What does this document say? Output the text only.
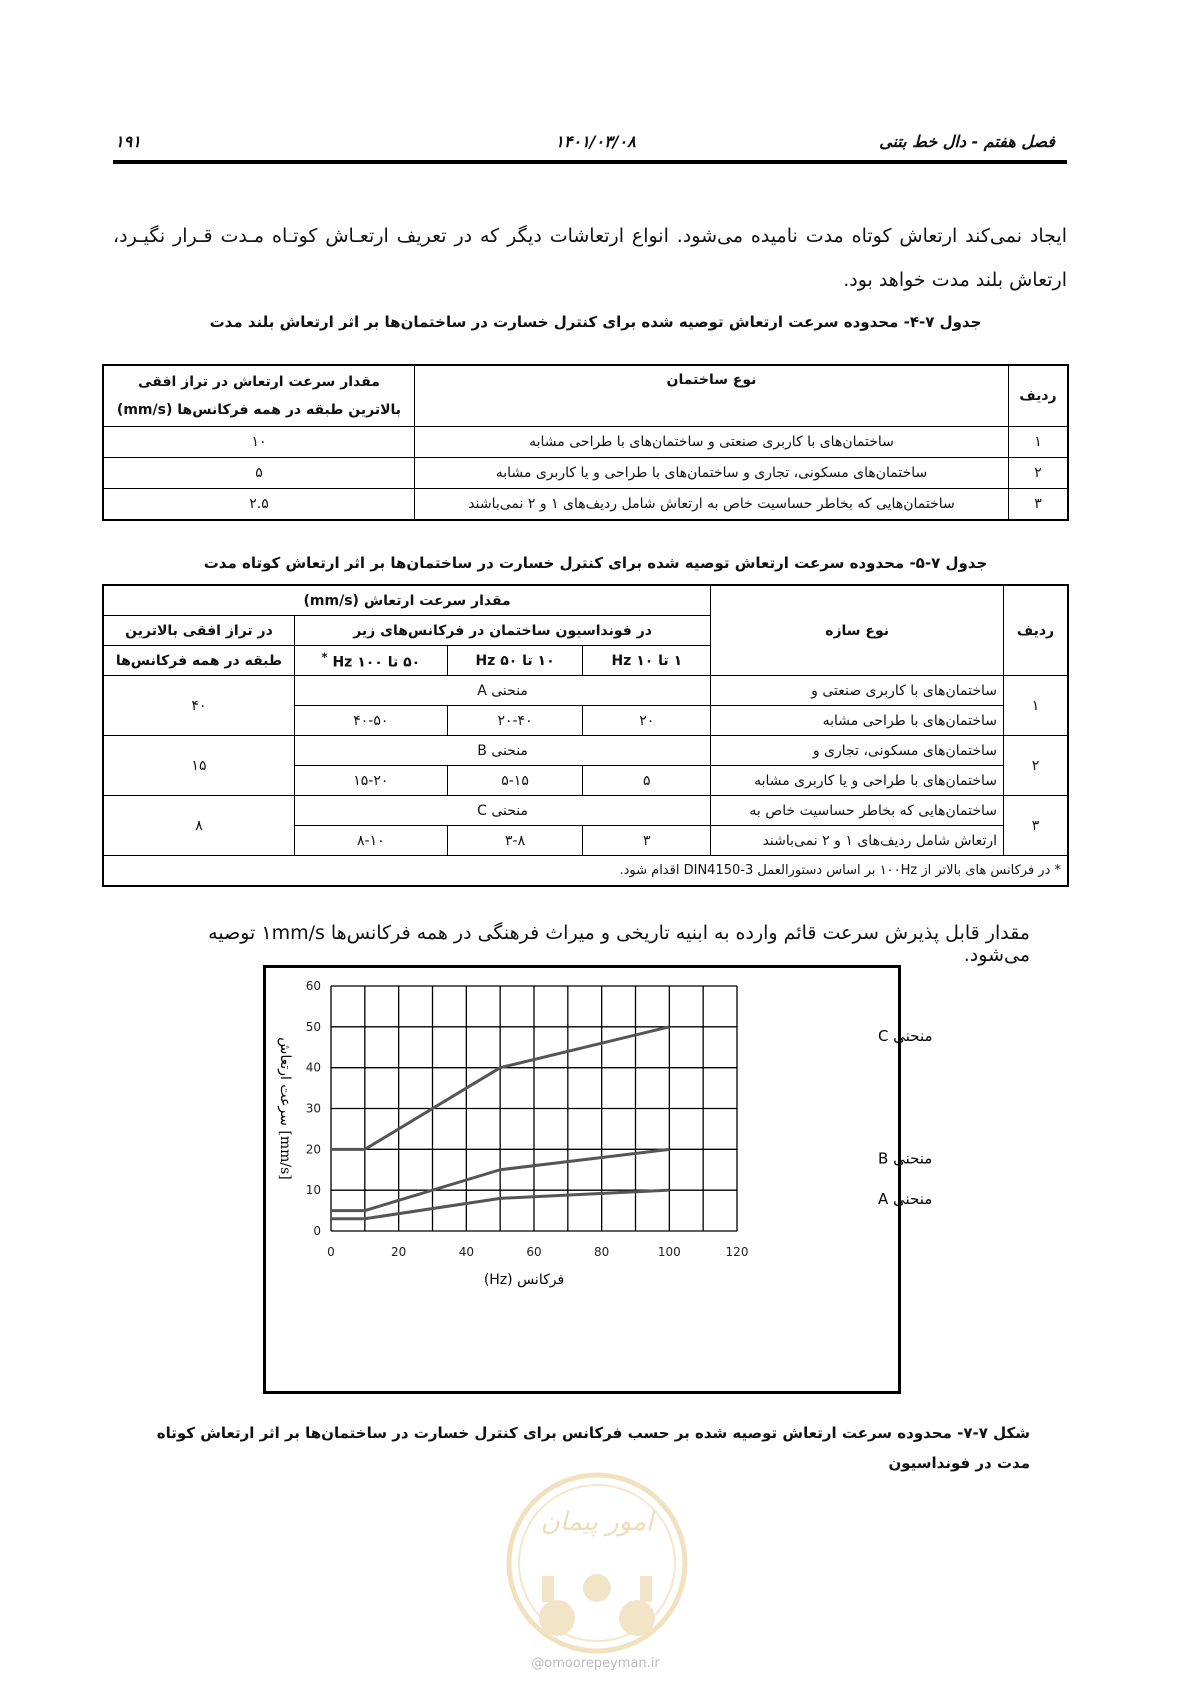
فصل هفتم - دال خط بتنی
۱۴۰۱/۰۳/۰۸
۱۹۱
ایجاد نمی‌کند ارتعاش کوتاه مدت نامیده می‌شود. انواع ارتعاشات دیگر که در تعریف ارتعـاش کوتـاه مـدت قـرار نگیـرد، ارتعاش بلند مدت خواهد بود.
جدول ۷-۴- محدوده سرعت ارتعاش توصیه شده برای کنترل خسارت در ساختمان‌ها بر اثر ارتعاش بلند مدت
ردیف	نوع ساختمان	مقدار سرعت ارتعاش در تراز افقی بالاترین طبقه در همه فرکانس‌ها (mm/s)
۱	ساختمان‌های با کاربری صنعتی و ساختمان‌های با طراحی مشابه	۱۰
۲	ساختمان‌های مسکونی، تجاری و ساختمان‌های با طراحی و یا کاربری مشابه	۵
۳	ساختمان‌هایی که بخاطر حساسیت خاص به ارتعاش شامل ردیف‌های ۱ و ۲ نمی‌باشند	۲.۵
جدول ۷-۵- محدوده سرعت ارتعاش توصیه شده برای کنترل خسارت در ساختمان‌ها بر اثر ارتعاش کوتاه مدت
ردیف	نوع سازه	مقدار سرعت ارتعاش (mm/s)			
		در فونداسیون ساختمان در فرکانس‌های زیر			در تراز افقی بالاترین
		۱ تا ۱۰ Hz	۱۰ تا ۵۰ Hz	۵۰ تا ۱۰۰ Hz *	طبقه در همه فرکانس‌ها
۱	ساختمان‌های با کاربری صنعتی و	منحنی A			۴۰
	ساختمان‌های با طراحی مشابه	۲۰	۲۰-۴۰	۴۰-۵۰	
۲	ساختمان‌های مسکونی، تجاری و	منحنی B			۱۵
	ساختمان‌های با طراحی و یا کاربری مشابه	۵	۵-۱۵	۱۵-۲۰	
۳	ساختمان‌هایی که بخاطر حساسیت خاص به	منحنی C			۸
	ارتعاش شامل ردیف‌های ۱ و ۲ نمی‌باشند	۳	۳-۸	۸-۱۰	
* در فرکانس های بالاتر از ۱۰۰Hz بر اساس دستورالعمل DIN4150-3 اقدام شود.					
مقدار قابل پذیرش سرعت قائم وارده به ابنیه تاریخی و میراث فرهنگی در همه فرکانس‌ها ۱mm/s توصیه می‌شود.
0	20	40	60	80	100	120
0
10
20
30
40
50
60
فرکانس (Hz)
سرعت ارتعاش [mm/s]
منحنی C
منحنی B
منحنی A
شکل ۷-۷- محدوده سرعت ارتعاش توصیه شده بر حسب فرکانس برای کنترل خسارت در ساختمان‌ها بر اثر ارتعاش کوتاه مدت در فونداسیون
امور پیمان
@omoorepeyman.ir
